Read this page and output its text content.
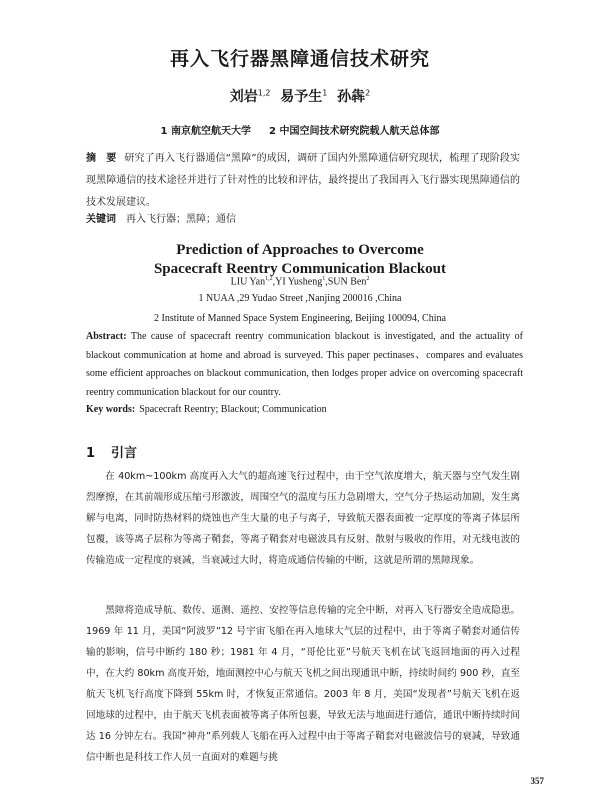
再入飞行器黑障通信技术研究
刘岩$^{1,2}$ 易予生$^1$ 孙犇$^2$
1 南京航空航天大学 2 中国空间技术研究院载人航天总体部
摘　要 研究了再入飞行器通信“黑障”的成因，调研了国内外黑障通信研究现状，梳理了现阶段实现黑障通信的技术途径并进行了针对性的比较和评估，最终提出了我国再入飞行器实现黑障通信的技术发展建议。
关键词 再入飞行器；黑障；通信
Prediction of Approaches to Overcome
Spacecraft Reentry Communication Blackout
LIU Yan$^{1,2}$,YI Yusheng$^1$,SUN Ben$^2$
1 NUAA ,29 Yudao Street ,Nanjing 200016 ,China
2 Institute of Manned Space System Engineering, Beijing 100094, China
Abstract: The cause of spacecraft reentry communication blackout is investigated, and the actuality of blackout communication at home and abroad is surveyed. This paper pectinases、compares and evaluates some efficient approaches on blackout communication, then lodges proper advice on overcoming spacecraft reentry communication blackout for our country.
Key words: Spacecraft Reentry; Blackout; Communication
1 引言
在 40km~100km 高度再入大气的超高速飞行过程中，由于空气浓度增大，航天器与空气发生剧烈摩擦，在其前端形成压缩弓形激波，周围空气的温度与压力急剧增大，空气分子热运动加剧，发生离解与电离，同时防热材料的烧蚀也产生大量的电子与离子，导致航天器表面被一定厚度的等离子体层所包覆，该等离子层称为等离子鞘套，等离子鞘套对电磁波具有反射、散射与吸收的作用，对无线电波的传输造成一定程度的衰减，当衰减过大时，将造成通信传输的中断，这就是所谓的黑障现象。
黑障将造成导航、数传、遥测、遥控、安控等信息传输的完全中断，对再入飞行器安全造成隐患。1969 年 11 月，美国“阿波罗”12 号宇宙飞船在再入地球大气层的过程中，由于等离子鞘套对通信传输的影响，信号中断约 180 秒；1981 年 4 月，“哥伦比亚”号航天飞机在试飞返回地面的再入过程中，在大约 80km 高度开始，地面测控中心与航天飞机之间出现通讯中断，持续时间约 900 秒，直至航天飞机飞行高度下降到 55km 时，才恢复正常通信。2003 年 8 月，美国“发现者”号航天飞机在返回地球的过程中，由于航天飞机表面被等离子体所包裹，导致无法与地面进行通信，通讯中断持续时间达 16 分钟左右。我国“神舟”系列载人飞船在再入过程中由于等离子鞘套对电磁波信号的衰减，导致通信中断也是科技工作人员一直面对的难题与挑
357
